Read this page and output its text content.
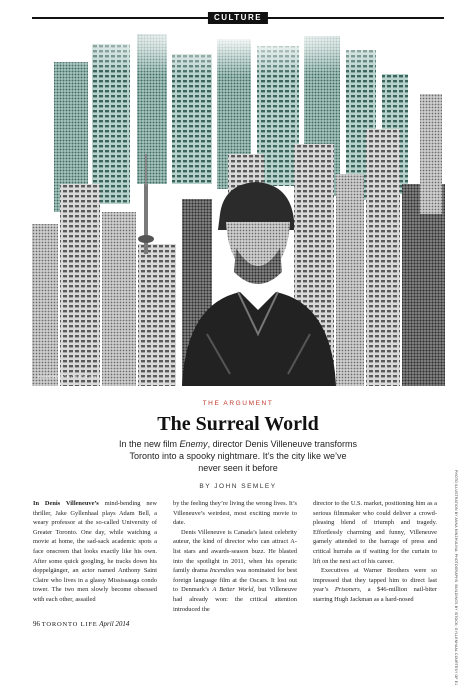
CULTURE
ILLUSTRATION CREDIT LINE
THE ARGUMENT
The Surreal World
In the new film Enemy, director Denis Villeneuve transforms Toronto into a spooky nightmare. It’s the city like we’ve never seen it before
BY JOHN SEMLEY

In Denis Villeneuve’s mind-bending new thriller, Jake Gyllenhaal plays Adam Bell, a weary professor at the so-called University of Greater Toronto. One day, while watching a movie at home, the sad-sack academic spots a face onscreen that looks exactly like his own. After some quick googling, he tracks down his doppelgänger, an actor named Anthony Saint Claire who lives in a glassy Mississauga condo tower. The two men slowly become obsessed with each other, assailed

by the feeling they’re living the wrong lives. It’s Villeneuve’s weirdest, most exciting movie to date.

Denis Villeneuve is Canada’s latest celebrity auteur, the kind of director who can attract A-list stars and awards-season buzz. He blasted into the spotlight in 2011, when his operatic family drama Incendies was nominated for best foreign language film at the Oscars. It lost out to Denmark’s A Better World, but Villeneuve had already won: the critical attention introduced the

director to the U.S. market, positioning him as a serious filmmaker who could deliver a crowd-pleasing blend of triumph and tragedy. Effortlessly charming and funny, Villeneuve gamely attended to the barrage of press and critical hurrahs as if waiting for the curtain to lift on the next act of his career.

Executives at Warner Brothers were so impressed that they tapped him to direct last year’s Prisoners, a $46-million nail-biter starring Hugh Jackman as a hard-nosed	PHOTO ILLUSTRATION BY ANNA MINZHULINA; PHOTOGRAPHS: BUILDINGS BY ISTOCK; GYLLENHAAL COURTESY OF E1
96 TORONTO LIFE April 2014
